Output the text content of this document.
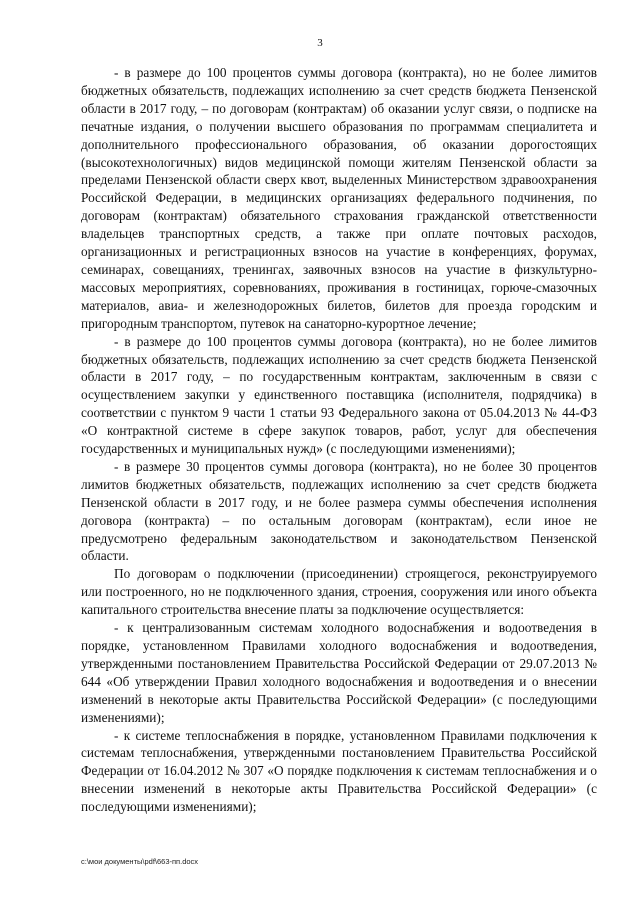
3

- в размере до 100 процентов суммы договора (контракта), но не более лимитов бюджетных обязательств, подлежащих исполнению за счет средств бюджета Пензенской области в 2017 году, – по договорам (контрактам) об оказании услуг связи, о подписке на печатные издания, о получении высшего образования по программам специалитета и дополнительного профессионального образования, об оказании дорогостоящих (высокотехнологичных) видов медицинской помощи жителям Пензенской области за пределами Пензенской области сверх квот, выделенных Министерством здравоохранения Российской Федерации, в медицинских организациях федерального подчинения, по договорам (контрактам) обязательного страхования гражданской ответственности владельцев транспортных средств, а также при оплате почтовых расходов, организационных и регистрационных взносов на участие в конференциях, форумах, семинарах, совещаниях, тренингах, заявочных взносов на участие в физкультурно-массовых мероприятиях, соревнованиях, проживания в гостиницах, горюче-смазочных материалов, авиа- и железнодорожных билетов, билетов для проезда городским и пригородным транспортом, путевок на санаторно-курортное лечение;

- в размере до 100 процентов суммы договора (контракта), но не более лимитов бюджетных обязательств, подлежащих исполнению за счет средств бюджета Пензенской области в 2017 году, – по государственным контрактам, заключенным в связи с осуществлением закупки у единственного поставщика (исполнителя, подрядчика) в соответствии с пунктом 9 части 1 статьи 93 Федерального закона от 05.04.2013 № 44-ФЗ «О контрактной системе в сфере закупок товаров, работ, услуг для обеспечения государственных и муниципальных нужд» (с последующими изменениями);

- в размере 30 процентов суммы договора (контракта), но не более 30 процентов лимитов бюджетных обязательств, подлежащих исполнению за счет средств бюджета Пензенской области в 2017 году, и не более размера суммы обеспечения исполнения договора (контракта) – по остальным договорам (контрактам), если иное не предусмотрено федеральным законодательством и законодательством Пензенской области.

По договорам о подключении (присоединении) строящегося, реконструируемого или построенного, но не подключенного здания, строения, сооружения или иного объекта капитального строительства внесение платы за подключение осуществляется:

- к централизованным системам холодного водоснабжения и водоотведения в порядке, установленном Правилами холодного водоснабжения и водоотведения, утвержденными постановлением Правительства Российской Федерации от 29.07.2013 № 644 «Об утверждении Правил холодного водоснабжения и водоотведения и о внесении изменений в некоторые акты Правительства Российской Федерации» (с последующими изменениями);

- к системе теплоснабжения в порядке, установленном Правилами подключения к системам теплоснабжения, утвержденными постановлением Правительства Российской Федерации от 16.04.2012 № 307 «О порядке подключения к системам теплоснабжения и о внесении изменений в некоторые акты Правительства Российской Федерации» (с последующими изменениями);

c:\мои документы\pdf\663-пп.docx
